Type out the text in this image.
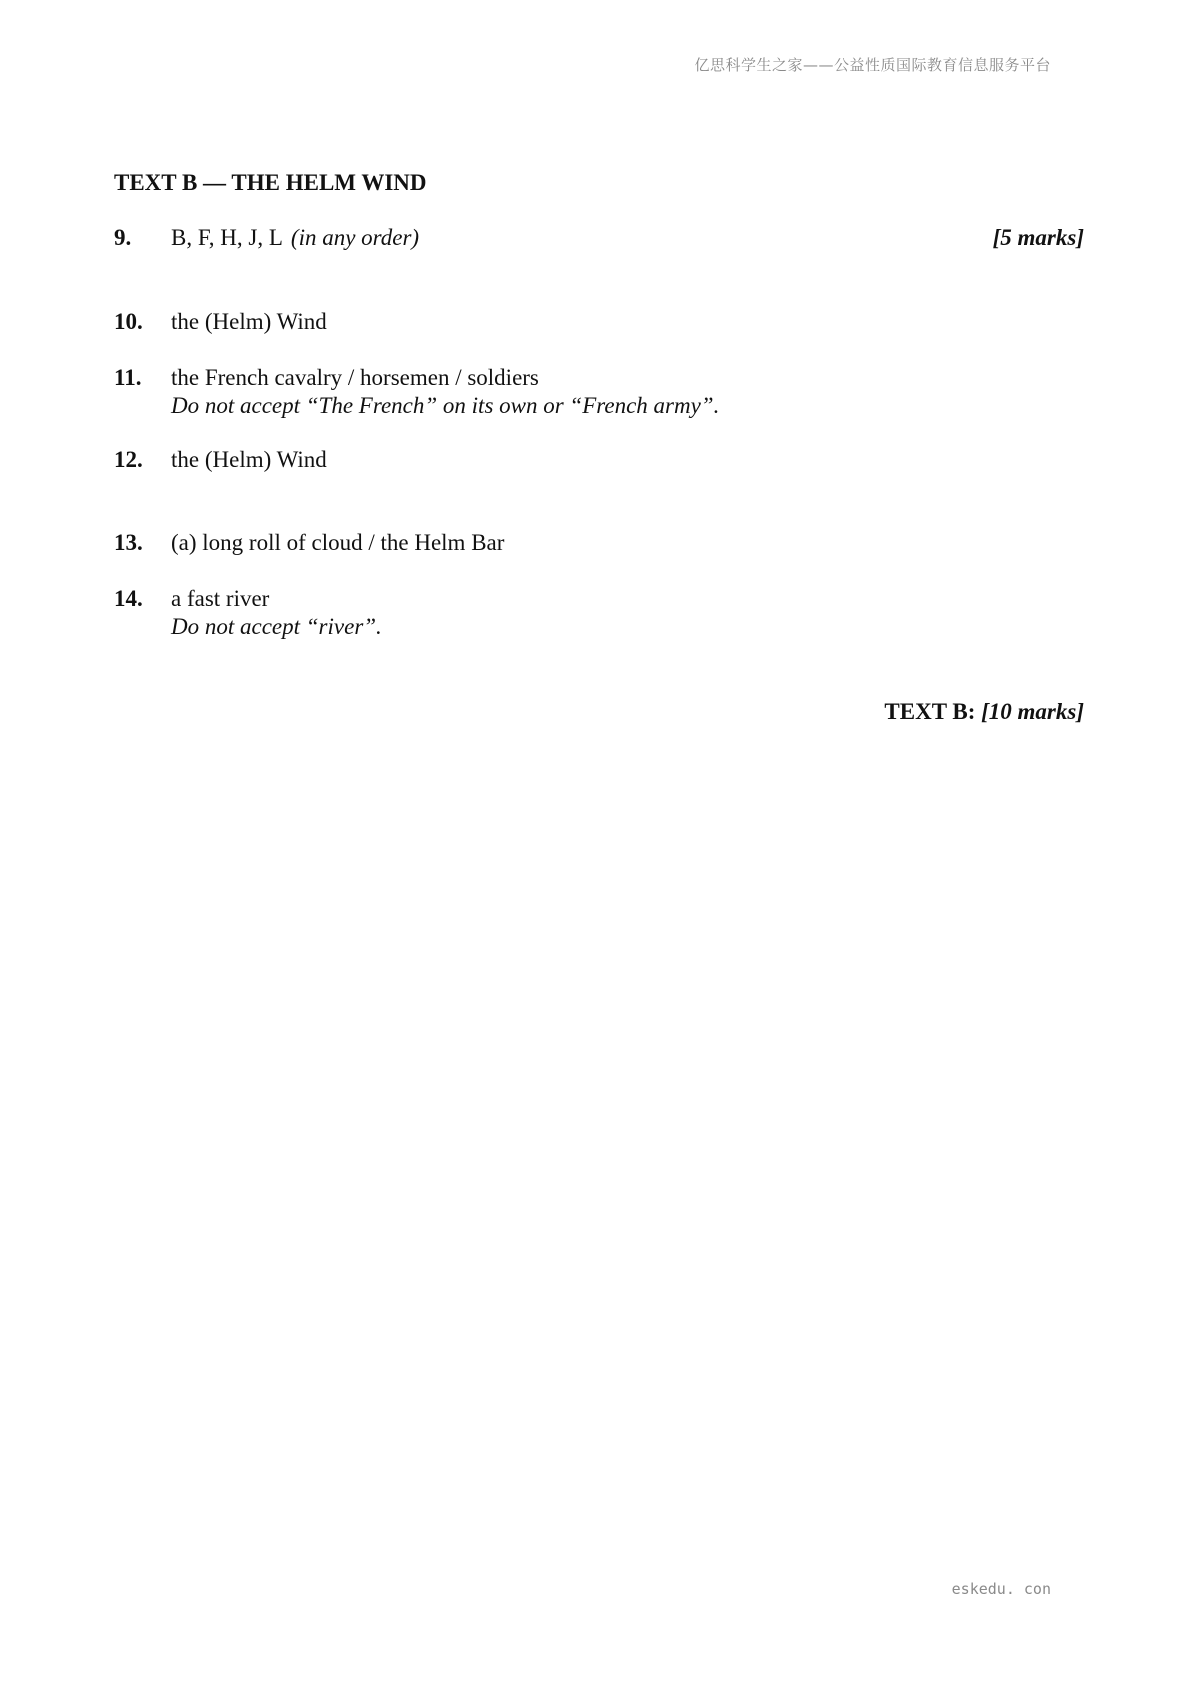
亿思科学生之家——公益性质国际教育信息服务平台
TEXT B — THE HELM WIND
9. B, F, H, J, L (in any order)	[5 marks]
10. the (Helm) Wind
11. the French cavalry / horsemen / soldiers
Do not accept “The French” on its own or “French army”.
12. the (Helm) Wind
13. (a) long roll of cloud / the Helm Bar
14. a fast river
Do not accept “river”.
TEXT B: [10 marks]
eskedu. con
